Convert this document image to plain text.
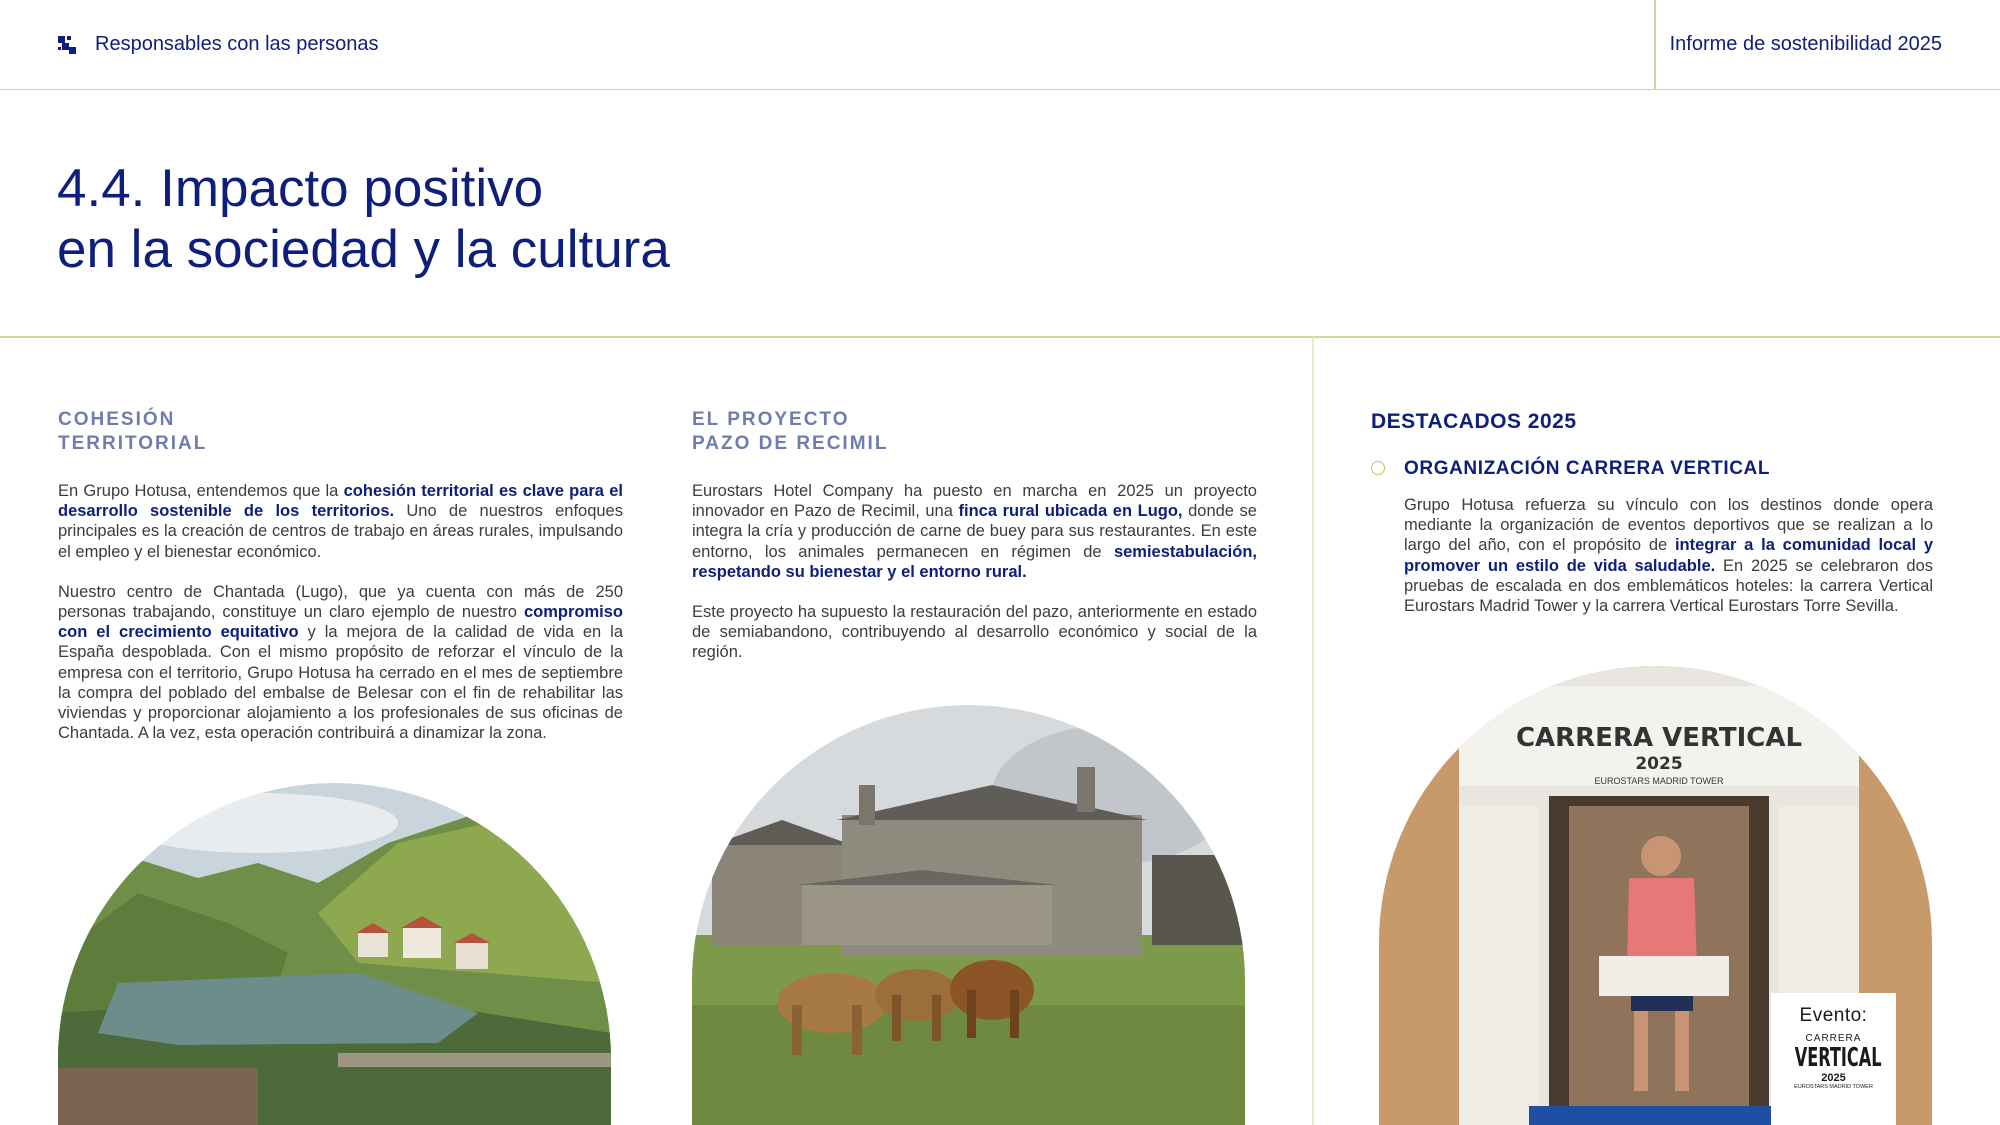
Responsables con las personas	Informe de sostenibilidad 2025
4.4. Impacto positivo
en la sociedad y la cultura
COHESIÓN
TERRITORIAL

En Grupo Hotusa, entendemos que la cohesión territorial es clave para el desarrollo sostenible de los territorios. Uno de nuestros enfoques principales es la creación de centros de trabajo en áreas rurales, impulsando el empleo y el bienestar económico.

Nuestro centro de Chantada (Lugo), que ya cuenta con más de 250 personas trabajando, constituye un claro ejemplo de nuestro compromiso con el crecimiento equitativo y la mejora de la calidad de vida en la España despoblada. Con el mismo propósito de reforzar el vínculo de la empresa con el territorio, Grupo Hotusa ha cerrado en el mes de septiembre la compra del poblado del embalse de Belesar con el fin de rehabilitar las viviendas y proporcionar alojamiento a los profesionales de sus oficinas de Chantada. A la vez, esta operación contribuirá a dinamizar la zona.

EL PROYECTO
PAZO DE RECIMIL

Eurostars Hotel Company ha puesto en marcha en 2025 un proyecto innovador en Pazo de Recimil, una finca rural ubicada en Lugo, donde se integra la cría y producción de carne de buey para sus restaurantes. En este entorno, los animales permanecen en régimen de semiestabulación, respetando su bienestar y el entorno rural.

Este proyecto ha supuesto la restauración del pazo, anteriormente en estado de semiabandono, contribuyendo al desarrollo económico y social de la región.

DESTACADOS 2025
ORGANIZACIÓN CARRERA VERTICAL

Grupo Hotusa refuerza su vínculo con los destinos donde opera mediante la organización de eventos deportivos que se realizan a lo largo del año, con el propósito de integrar a la comunidad local y promover un estilo de vida saludable. En 2025 se celebraron dos pruebas de escalada en dos emblemáticos hoteles: la carrera Vertical Eurostars Madrid Tower y la carrera Vertical Eurostars Torre Sevilla.

CARRERA VERTICAL
2025
EUROSTARS MADRID TOWER
Evento:
CARRERA
VERTICAL
2025
EUROSTARS MADRID TOWER
